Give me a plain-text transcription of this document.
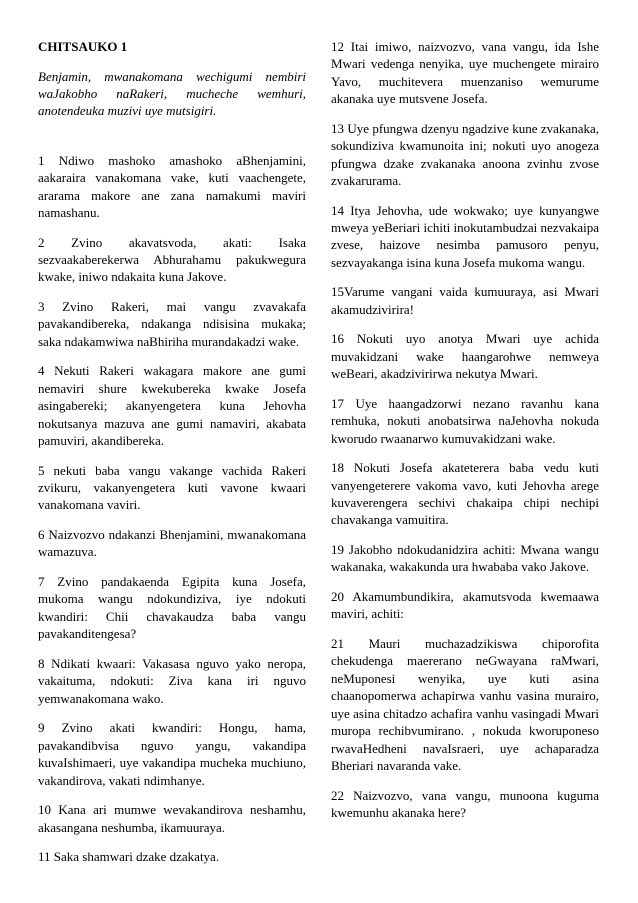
CHITSAUKO 1

Benjamin, mwanakomana wechigumi nembiri waJakobho naRakeri, mucheche wemhuri, anotendeuka muzivi uye mutsigiri.

1 Ndiwo mashoko amashoko aBhenjamini, aakaraira vanakomana vake, kuti vaachengete, ararama makore ane zana namakumi maviri namashanu.

2 Zvino akavatsvoda, akati: Isaka sezvaakaberekerwa Abhurahamu pakukwegura kwake, iniwo ndakaita kuna Jakove.

3 Zvino Rakeri, mai vangu zvavakafa pavakandibereka, ndakanga ndisisina mukaka; saka ndakamwiwa naBhiriha murandakadzi wake.

4 Nekuti Rakeri wakagara makore ane gumi nemaviri shure kwekubereka kwake Josefa asingabereki; akanyengetera kuna Jehovha nokutsanya mazuva ane gumi namaviri, akabata pamuviri, akandibereka.

5 nekuti baba vangu vakange vachida Rakeri zvikuru, vakanyengetera kuti vavone kwaari vanakomana vaviri.

6 Naizvozvo ndakanzi Bhenjamini, mwanakomana wamazuva.

7 Zvino pandakaenda Egipita kuna Josefa, mukoma wangu ndokundiziva, iye ndokuti kwandiri: Chii chavakaudza baba vangu pavakanditengesa?

8 Ndikati kwaari: Vakasasa nguvo yako neropa, vakaituma, ndokuti: Ziva kana iri nguvo yemwanakomana wako.

9 Zvino akati kwandiri: Hongu, hama, pavakandibvisa nguvo yangu, vakandipa kuvaIshimaeri, uye vakandipa mucheka muchiuno, vakandirova, vakati ndimhanye.

10 Kana ari mumwe wevakandirova neshamhu, akasangana neshumba, ikamuuraya.

11 Saka shamwari dzake dzakatya.

12 Itai imiwo, naizvozvo, vana vangu, ida Ishe Mwari vedenga nenyika, uye muchengete mirairo Yavo, muchitevera muenzaniso wemurume akanaka uye mutsvene Josefa.

13 Uye pfungwa dzenyu ngadzive kune zvakanaka, sokundiziva kwamunoita ini; nokuti uyo anogeza pfungwa dzake zvakanaka anoona zvinhu zvose zvakarurama.

14 Itya Jehovha, ude wokwako; uye kunyangwe mweya yeBeriari ichiti inokutambudzai nezvakaipa zvese, haizove nesimba pamusoro penyu, sezvayakanga isina kuna Josefa mukoma wangu.

15Varume vangani vaida kumuuraya, asi Mwari akamudzivirira!

16 Nokuti uyo anotya Mwari uye achida muvakidzani wake haangarohwe nemweya weBeari, akadzivirirwa nekutya Mwari.

17 Uye haangadzorwi nezano ravanhu kana remhuka, nokuti anobatsirwa naJehovha nokuda kworudo rwaanarwo kumuvakidzani wake.

18 Nokuti Josefa akateterera baba vedu kuti vanyengeterere vakoma vavo, kuti Jehovha arege kuvaverengera sechivi chakaipa chipi nechipi chavakanga vamuitira.

19 Jakobho ndokudanidzira achiti: Mwana wangu wakanaka, wakakunda ura hwababa vako Jakove.

20 Akamumbundikira, akamutsvoda kwemaawa maviri, achiti:

21 Mauri muchazadzikiswa chiporofita chekudenga maererano neGwayana raMwari, neMuponesi wenyika, uye kuti asina chaanopomerwa achapirwa vanhu vasina murairo, uye asina chitadzo achafira vanhu vasingadi Mwari muropa rechibvumirano. , nokuda kworuponeso rwavaHedheni navaIsraeri, uye achaparadza Bheriari navaranda vake.

22 Naizvozvo, vana vangu, munoona kuguma kwemunhu akanaka here?
